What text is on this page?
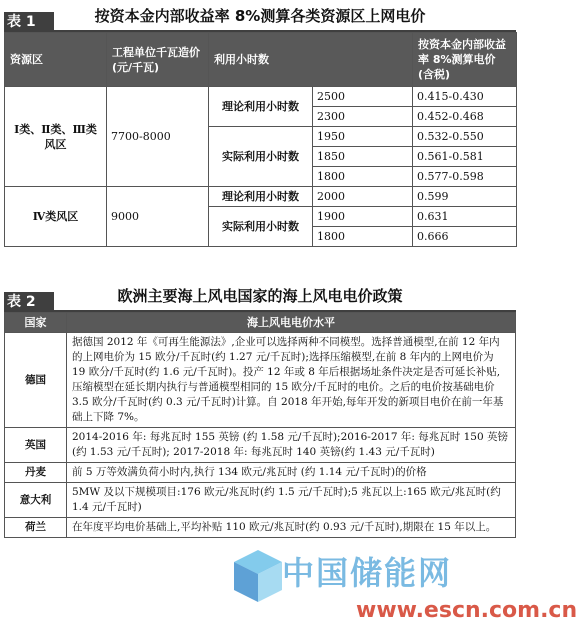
按资本金内部收益率 8%测算各类资源区上网电价
表 1
资源区	工程单位千瓦造价(元/千瓦)	利用小时数		按资本金内部收益率 8%测算电价(含税)
Ⅰ类、Ⅱ类、Ⅲ类风区	7700-8000	理论利用小时数	2500	0.415-0.430
			2300	0.452-0.468
		实际利用小时数	1950	0.532-0.550
			1850	0.561-0.581
			1800	0.577-0.598
Ⅳ类风区	9000	理论利用小时数	2000	0.599
		实际利用小时数	1900	0.631
			1800	0.666
欧洲主要海上风电国家的海上风电电价政策
表 2
国家	海上风电电价水平
德国	据德国 2012 年《可再生能源法》,企业可以选择两种不同模型。选择普通模型,在前 12 年内的上网电价为 15 欧分/千瓦时(约 1.27 元/千瓦时);选择压缩模型,在前 8 年内的上网电价为 19 欧分/千瓦时(约 1.6 元/千瓦时)。投产 12 年或 8 年后根据场址条件决定是否可延长补贴,压缩模型在延长期内执行与普通模型相同的 15 欧分/千瓦时的电价。之后的电价按基础电价 3.5 欧分/千瓦时(约 0.3 元/千瓦时)计算。自 2018 年开始,每年开发的新项目电价在前一年基础上下降 7%。
英国	2014-2016 年: 每兆瓦时 155 英镑 (约 1.58 元/千瓦时);2016-2017 年: 每兆瓦时 150 英镑 (约 1.53 元/千瓦时); 2017-2018 年: 每兆瓦时 140 英镑(约 1.43 元/千瓦时)
丹麦	前 5 万等效满负荷小时内,执行 134 欧元/兆瓦时 (约 1.14 元/千瓦时)的价格
意大利	5MW 及以下规模项目:176 欧元/兆瓦时(约 1.5 元/千瓦时);5 兆瓦以上:165 欧元/兆瓦时(约 1.4 元/千瓦时)
荷兰	在年度平均电价基础上,平均补贴 110 欧元/兆瓦时(约 0.93 元/千瓦时),期限在 15 年以上。
中国储能网
www.escn.com.cn
